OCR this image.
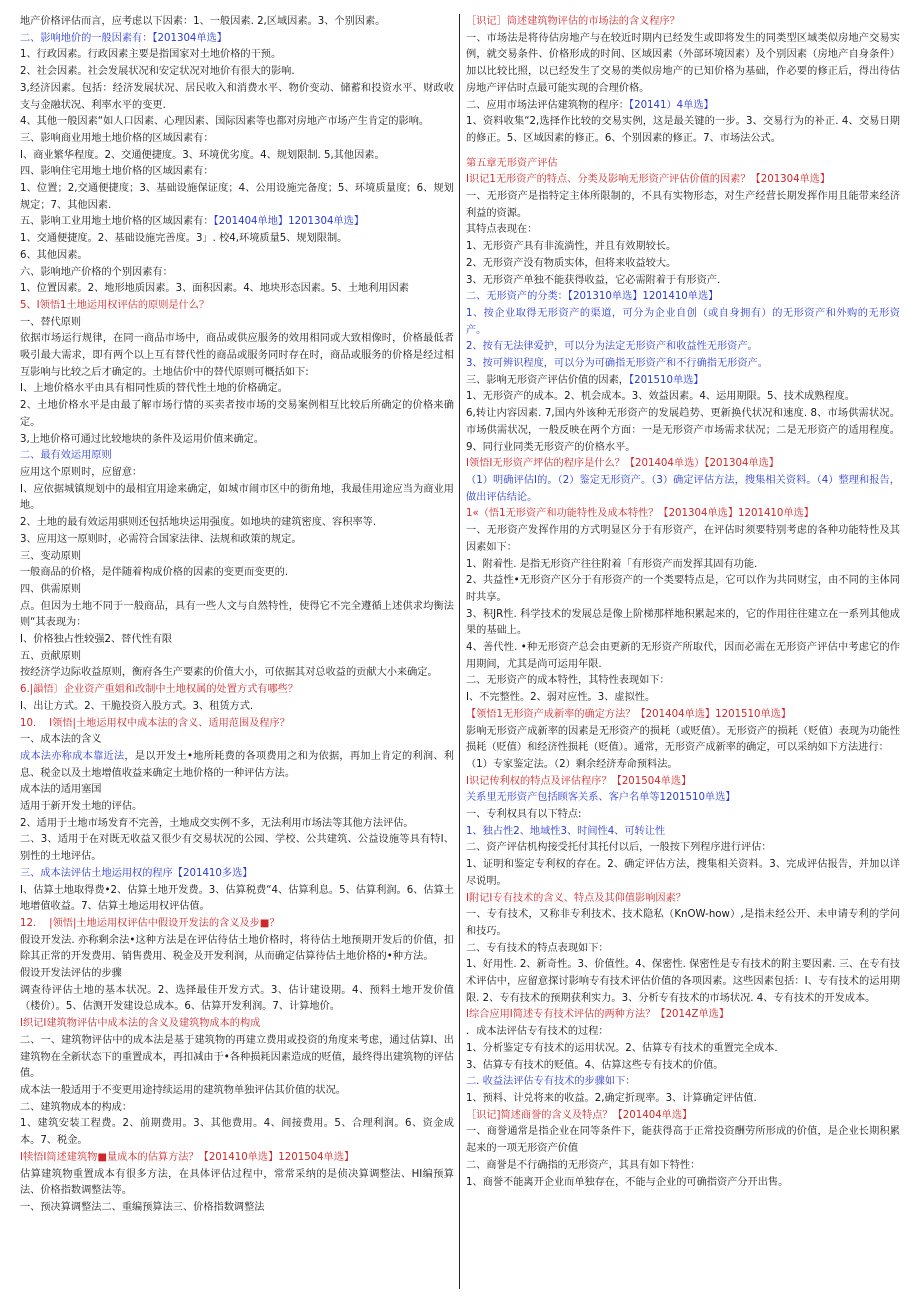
地产价格评估而言，应考虑以下因素：1、一般因素. 2,区域因素。3、个别因素。
二、影响地价的一般因素有：【201304单选】
1、行政因素。行政因素主要是指国家对土地价格的干预。
2、社会因素。社会发展状况和安定状况对地价有很大的影响.
3,经济因素。包括：经济发展状况、居民收入和消费水平、物价变动、储蓄和投资水平、财政收支与金融状况、利率水平的变更.
4、其他一般因素“如人口因素、心理因素、国际因素等也都对房地产市场产生肯定的影响。
三、影响商业用地土地价格的区域因素有：
I、商业繁华程度。2、交通便捷度。3、环境优劣度。4、规划限制. 5,其他因素。
四、影响住宅用地土地价格的区域因素有：
1、位置；2,交通便捷度；3、基础设施保证度；4、公用设施完备度；5、环境质量度；6、规划规定；7、其他因素.
五、影响工业用地土地价格的区域因素有：【201404单地】1201304单选】
1、交通便捷度。2、基础设施完善度。3」. 校4,环境质量5、规划限制。
6、其他因素。
六、影响地产价格的个别因素有：
1、位置因素。2、地形地质因素。3、面积因素。4、地块形态因素。5、土地利用因素
5、I领悟1土地运用权评估的原则是什么？
一、替代原则
依据市场运行规律，在同一商品市场中，商品或供应服务的效用相同或大致相像时，价格最低者吸引最大需求，即有两个以上互有替代性的商品或服务同时存在时，商品或服务的价格是经过相互影响与比较之后才确定的。土地估价中的替代原则可概括如下:
I、上地价格水平由具有相同性质的替代性土地的价格确定。
2、土地价格水平是由最了解市场行情的买卖者按市场的交易案例相互比较后所确定的价格来确定。
3,上地价格可通过比较地块的条件及运用价值来确定。
二、最有效运用原则
应用这个原则时，应留意：
I、应依据城镇规划中的最相宜用途来确定，如城市闹市区中的街角地，我最佳用途应当为商业用地。
2、土地的最有效运用骐则还包括地块运用强度。如地块的建筑密度、容积率等.
3、应用这一原则时，必需符合国家法律、法规和政策的规定。
三、变动原则
一般商品的价格，是伴随着构成价格的因素的变更而变更的.
四、供需原则
点。但因为土地不同于一般商品，具有一些人文与自然特性，使得它不完全遵循上述供求均衡法则“其表现为：
I、价格独占性较强2、替代性有限
五、贡献原则
按经济学边际收益原则，衡府各生产要素的价值大小，可依据其对总收益的贡献大小来确定。
6.|韻悟〕企业资产重姐和改制中土地权属的处置方式有哪些？
I、出让方式。2、干脆投资入股方式。3、租赁方式.
10.    I领悟|土地运用权中成本法的含义、适用范围及程序？
一、成本法的含义
成本法亦称成本靠近法，是以开发土•地所耗费的各项费用之和为依据，再加上肯定的利润、利息、税金以及土地增值收益来确定土地价格的一种评估方法。
成本法的适用塞国
适用于新开发土地的评估。
2、适用于土地市场发育不完善，土地成交实例不多，无法利用市场法等其他方法评估。
二、3、适用于在对既无收益又很少有交易状况的公园、学校、公共建筑、公益设施等具有特I、别性的土地评估。
三、成本法评估土地运用权的程序【201410多选】
I、估算土地取得费•2、估算土地开发费。3、估算税费“4、估算利息。5、估算利润。6、估算土地增值收益。7、估算土地运用权评估值。
12.    |领悟|土地运用权评估中假设开发法的含义及步■？
假设开发法. 亦称剩余法•这种方法是在评估待估土地价格时，将待估土地预期开发后的价值，扣除其正常的开发费用、销售费用、税金及开发利润，从而确定估算待估土地价格的•种方法。
假设开发法评估的步骤
调查待评估土地的基本状况。2、选择最佳开发方式。3、估计建设期。4、预料土地开发价值（楼价）。5、估测开发建设总成本。6、估算开发利润。7、计算地价。
I织记I建筑物评估中成本法的含义及建筑物成本的构成
二、一、建筑物评估中的成本法是基于建筑物的再建立费用或投资的角度来考虑，通过估算I、出建筑物在全新状态下的重置成本，再扣减由于•各种损耗因素造成的贬值，最终得出建筑物的评估值。
成本法一般适用于不变更用途持续运用的建筑物单独评估其价值的状况。
二、建筑物成本的构成：
1、建筑安装工程费。2、前期费用。3、其他费用。4、间接费用。5、合理利润。6、资金成本。7、税金。
I犊悟I筒述建筑物■量成本的估算方法？【201410单选】1201504单选】
估算建筑物重置成本有很多方法，在具体评估过程中，常常采纳的是侦决算调整法、HI编预算法、价格指数调整法等。
一、预决算调整法二、重编预算法三、价格指数调整法
［识记］筒述建筑物评估的市场法的含义程序？
一、市场法是将待估房地产与在较近时期内已经发生或即将发生的同类型区域类似房地产交易实例，就交易条件、价格形成的时间、区域因素（外部环境因素）及个别因素（房地产自身条件）加以比较比照，以已经发生了交易的类似房地产的已知价格为基础，作必要的修正后，得出待估房地产评估时点最可能实现的合理价格。
二、应用市场法评估建筑物的程序：【20141）4单选】
1、资料收集“2,选择作比较的交易实例，这是最关键的一步。3、交易行为的补正. 4、交易日期的修正。5、区域因素的修正。6、个别因素的修正。7、市场法公式。
第五章无形资产评估
I识记1无形资产的特点、分类及影响无形资产评估价值的因素？【201304单选】
一、无形资产是指特定主体所限制的，不具有实物形态，对生产经营长期发挥作用且能带来经济利益的资源。
其特点表现在：
1、无形资产具有非流淌性，并且有效期较长。
2、无形资产没有物质实体，但将来收益较大。
3、无形资产单独不能获得收益，它必需附着于有形资产.
二、无形资产的分类：【201310单选】1201410单选】
1、按企业取得无形资产的渠道，可分为企业自创（或自身拥有）的无形资产和外购的无形资产。
2、按有无法律爱护，可以分为法定无形资产和收益性无形资产。
3、按可辨识程度，可以分为可确指无形资产和不行确指无形资产。
三、影响无形资产评估价值的因素，【201510单选】
1、无形资产的成本。2、机会成本。3、效益因素。4、运用期限。5、技术成熟程度。
6,转让内容因素. 7,国内外该种无形资产的发展趋势、更新换代状况和速度. 8、市场供需状况。市场供需状况，一般反映在两个方面：一是无形资产市场需求状况；二是无形资产的适用程度。9、同行业同类无形资产的价格水平。
I领悟I无形资产坪估的程序是什么？【201404单选）【201304单选】
（1）明确评估I的。（2）鉴定无形资产。（3）确定评估方法，搜集相关资料。（4）整理和报告，做出评估结论。
1«（悟1无形资产和功能特性及成本特性？【201304单选】1201410单选】
一、无形资产发挥作用的方式明显区分于有形资产，在评估时须要特别考虑的各种功能特性及其因素如下：
1、附着性. 是指无形资产往往附着「有形资产而发挥其固有功能.
2、共益性•无形资产区分于有形资产的一个类要特点是，它可以作为共同财宝，由不同的主体同时共享。
3、积JR性. 科学技术的发展总是像上阶梯那样地积累起来的，它的作用往往建立在一系列其他成果的基础上。
4、善代性. •种无形资产总会由更新的无形资产所取代，因而必需在无形资产评估中考虑它的作用期间，尤其是尚可运用年限.
二、无形资产的成本特性，其特性表现如下：
I、不完整性。2、弱对应性。3、虚拟性。
【领悟1无形资产成新率的确定方法？【201404单选】1201510单选】
影响无形资产成新率的因素是无形资产的损耗（或贬值）。无形资产的损耗（贬值）表现为功能性损耗（贬值）和经济性损耗（贬值）。通常，无形资产成新率的确定，可以采纳如下方法进行：
（1）专家鉴定法。（2）剩余经济寿命预料法。
I识记传利权的特点及评估程序？【201504单选】
关系里无形资产包括顾客关系、客户名单等1201510单选】
一、专利权具有以下特点:
1、独占性2、地域性3、时间性4、可转让性
二、资产评估机构接受托付其托付以后，一般按下列程序进行评估：
1、证明和鉴定专利权的存在。2、确定评估方法，搜集相关资料。3、完成评估报告，并加以详尽说明。
I附记I专有技术的含义、特点及其仰值影响因素？
一、专有技术，又称非专利技术、技术隐私（KnOW-how）,是指未经公开、未申请专利的学问和技巧。
二、专有技术的特点表现如下：
1、好用性. 2、新奇性。3、价值性。4、保密性. 保密性是专有技术的附主要因素. 三、在专有技术评估中，应留意探讨影响专有技术评估价值的各项因素。这些因素包括：I、专有技术的运用期限. 2、专有技术的预期获利实力。3、分析专有技术的市场状况. 4、专有技术的开发成本。
I综合应用I简述专有技术评估的两种方法？【2014Z单选】
．成本法评估专有技术的过程：
1、分析鉴定专有技术的运用状况。2、估算专有技术的重置完全成本.
3、估算专有技术的贬值。4、估算这些专有技术的价值。
二. 收益法评估专有技术的步骤如下：
1、预料、计兑将来的收益。2,确定折现率。3、计算确定评估值.
［识记]简述商誉的含义及特点？【201404单选】
一、商誉通常是指企业在同等条件下，能获得高于正常投资酬劳所形成的价值，是企业长期积累起来的一项无形资产价值
二、商誉是不行确指的无形资产，其具有如下特性：
1、商誉不能离开企业而单独存在，不能与企业的可确指资产分开出售。
